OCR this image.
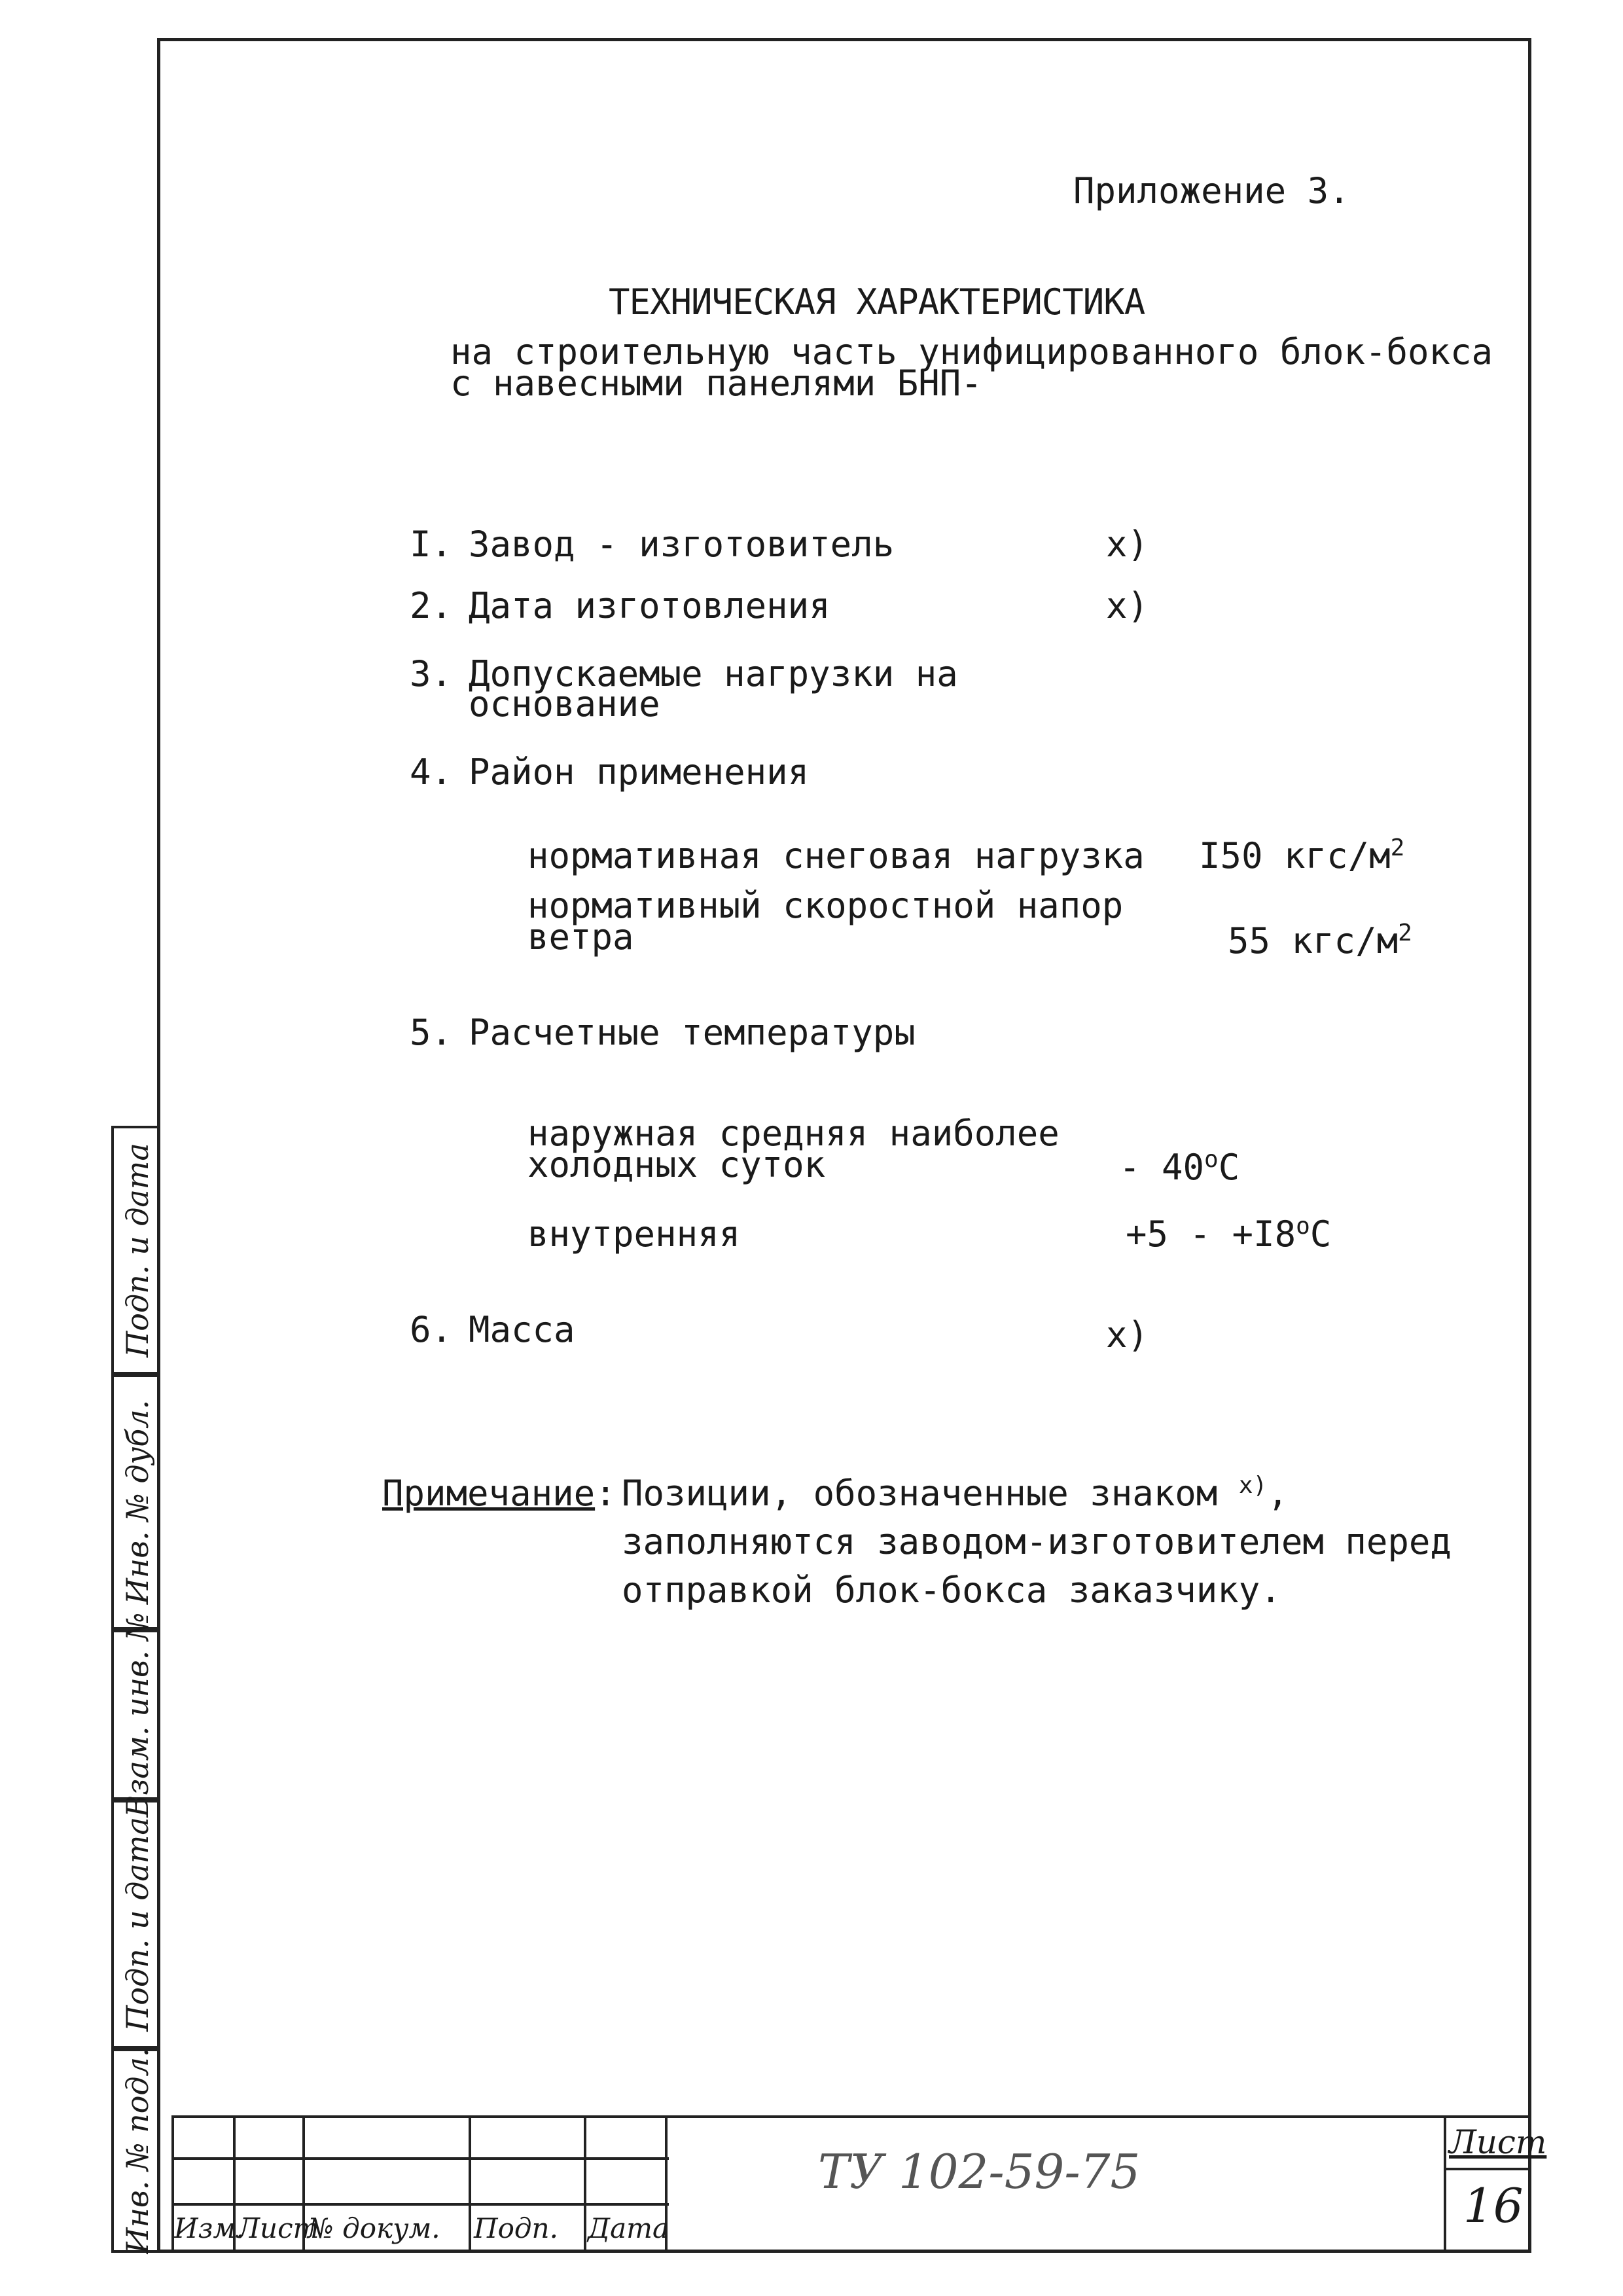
Приложение 3.
ТЕХНИЧЕСКАЯ ХАРАКТЕРИСТИКА
на строительную часть унифицированного блок-бокса
с навесными панелями БНП-
I. Завод - изготовитель	x)
2. Дата изготовления	x)
3. Допускаемые нагрузки на
основание
4. Район применения
нормативная снеговая нагрузка I50 кгс/$м^2$
нормативный скоростной напор
ветра	55 кгс/$м^2$
5. Расчетные температуры
наружная средняя наиболее
холодных суток	- 40$^o$C
внутренняя	$+5 - +I8^oC$
6. Масса	x)
Примечание: Позиции, обозначенные знаком $^{x)}$,
заполняются заводом-изготовителем перед
отправкой блок-бокса заказчику.
Подп. и дата
Инв. № дубл.
Взам. инв. №
Подп. и дата
Инв. № подл. Изм.
Лист
№ докум. Подп. Дата
ТУ 102-59-75
Лист
16
